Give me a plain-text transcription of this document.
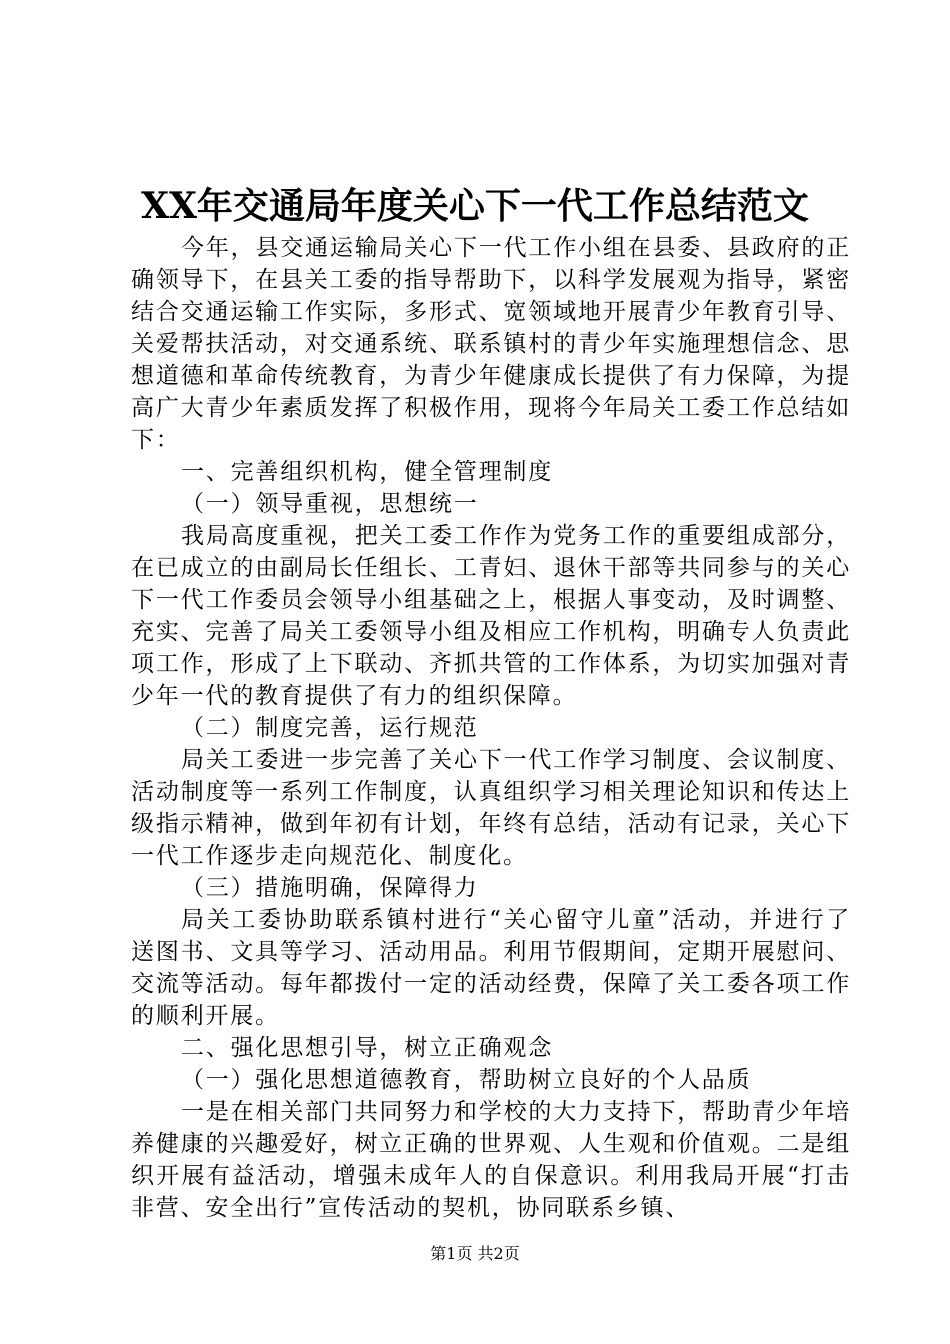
XX年交通局年度关心下一代工作总结范文

今年，县交通运输局关心下一代工作小组在县委、县政府的正确领导下，在县关工委的指导帮助下，以科学发展观为指导，紧密结合交通运输工作实际，多形式、宽领域地开展青少年教育引导、关爱帮扶活动，对交通系统、联系镇村的青少年实施理想信念、思想道德和革命传统教育，为青少年健康成长提供了有力保障，为提高广大青少年素质发挥了积极作用，现将今年局关工委工作总结如下：

一、完善组织机构，健全管理制度

（一）领导重视，思想统一

我局高度重视，把关工委工作作为党务工作的重要组成部分，在已成立的由副局长任组长、工青妇、退休干部等共同参与的关心下一代工作委员会领导小组基础之上，根据人事变动，及时调整、充实、完善了局关工委领导小组及相应工作机构，明确专人负责此项工作，形成了上下联动、齐抓共管的工作体系，为切实加强对青少年一代的教育提供了有力的组织保障。

（二）制度完善，运行规范

局关工委进一步完善了关心下一代工作学习制度、会议制度、活动制度等一系列工作制度，认真组织学习相关理论知识和传达上级指示精神，做到年初有计划，年终有总结，活动有记录，关心下一代工作逐步走向规范化、制度化。

（三）措施明确，保障得力

局关工委协助联系镇村进行“关心留守儿童”活动，并进行了送图书、文具等学习、活动用品。利用节假期间，定期开展慰问、交流等活动。每年都拨付一定的活动经费，保障了关工委各项工作的顺利开展。

二、强化思想引导，树立正确观念

（一）强化思想道德教育，帮助树立良好的个人品质

一是在相关部门共同努力和学校的大力支持下，帮助青少年培养健康的兴趣爱好，树立正确的世界观、人生观和价值观。二是组织开展有益活动，增强未成年人的自保意识。利用我局开展“打击非营、安全出行”宣传活动的契机，协同联系乡镇、

第1页 共2页
